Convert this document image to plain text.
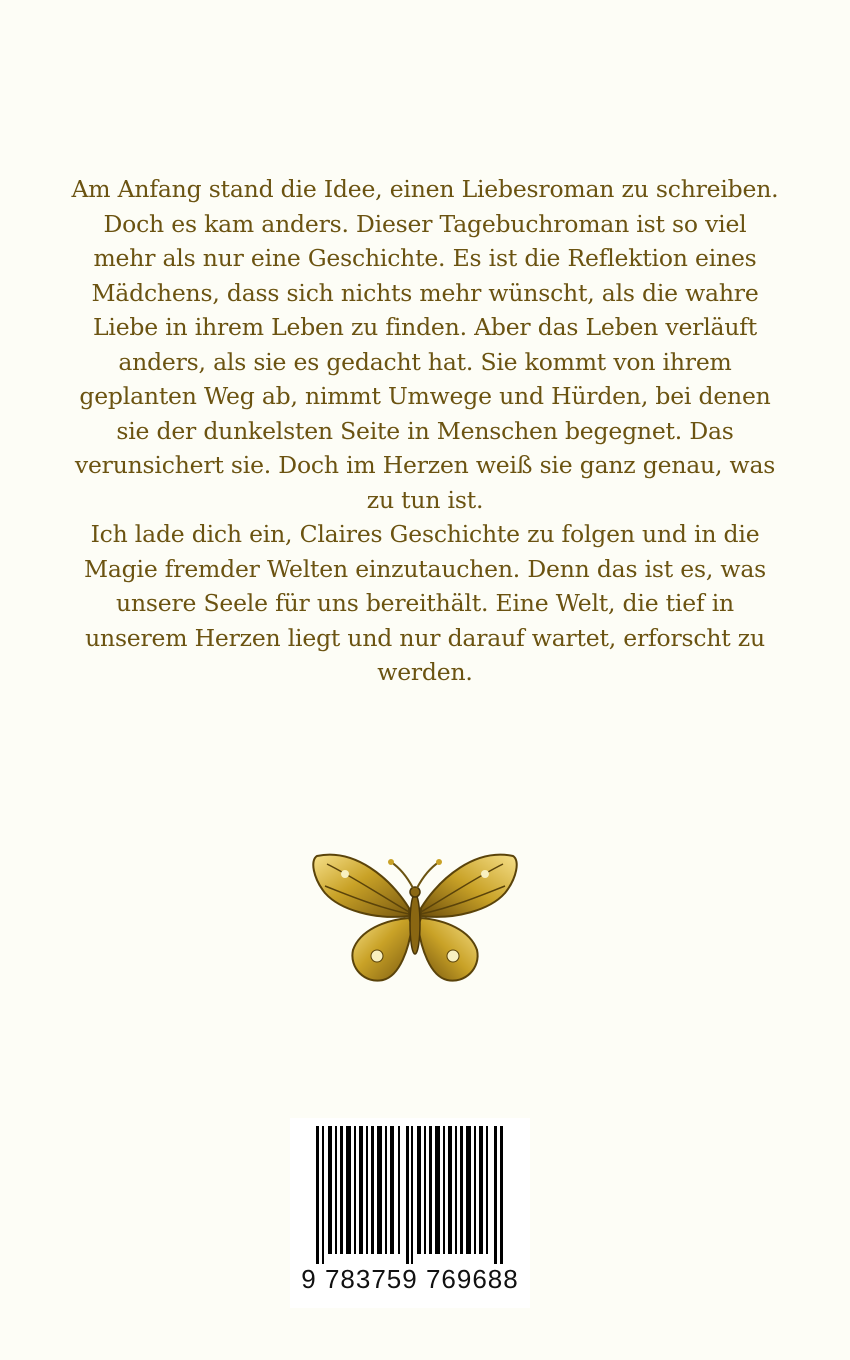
Am Anfang stand die Idee, einen Liebesroman zu schreiben. Doch es kam anders. Dieser Tagebuchroman ist so viel mehr als nur eine Geschichte. Es ist die Reflektion eines Mädchens, dass sich nichts mehr wünscht, als die wahre Liebe in ihrem Leben zu finden. Aber das Leben verläuft anders, als sie es gedacht hat. Sie kommt von ihrem geplanten Weg ab, nimmt Umwege und Hürden, bei denen sie der dunkelsten Seite in Menschen begegnet. Das verunsichert sie. Doch im Herzen weiß sie ganz genau, was zu tun ist.

Ich lade dich ein, Claires Geschichte zu folgen und in die Magie fremder Welten einzutauchen. Denn das ist es, was unsere Seele für uns bereithält. Eine Welt, die tief in unserem Herzen liegt und nur darauf wartet, erforscht zu werden.

9 783759 769688
